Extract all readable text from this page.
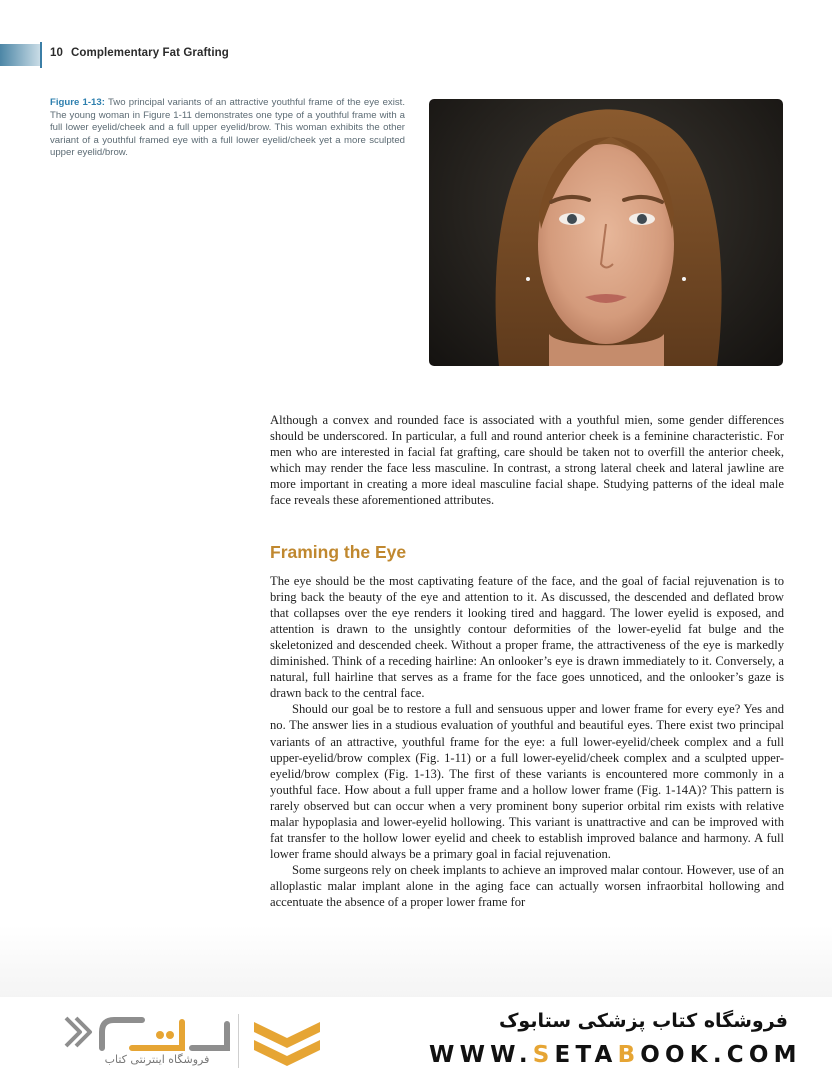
10 Complementary Fat Grafting
Figure 1-13: Two principal variants of an attractive youthful frame of the eye exist. The young woman in Figure 1-11 demonstrates one type of a youthful frame with a full lower eyelid/cheek and a full upper eyelid/brow. This woman exhibits the other variant of a youthful framed eye with a full lower eyelid/cheek yet a more sculpted upper eyelid/brow.

Although a convex and rounded face is associated with a youthful mien, some gender differences should be underscored. In particular, a full and round anterior cheek is a feminine characteristic. For men who are interested in facial fat grafting, care should be taken not to overfill the anterior cheek, which may render the face less masculine. In contrast, a strong lateral cheek and lateral jawline are more important in creating a more ideal masculine facial shape. Studying patterns of the ideal male face reveals these aforementioned attributes.

Framing the Eye

The eye should be the most captivating feature of the face, and the goal of facial rejuvenation is to bring back the beauty of the eye and attention to it. As discussed, the descended and deflated brow that collapses over the eye renders it looking tired and haggard. The lower eyelid is exposed, and attention is drawn to the unsightly contour deformities of the lower-eyelid fat bulge and the skeletonized and descended cheek. Without a proper frame, the attractiveness of the eye is markedly diminished. Think of a receding hairline: An onlooker’s eye is drawn immediately to it. Conversely, a natural, full hairline that serves as a frame for the face goes unnoticed, and the onlooker’s gaze is drawn back to the central face.

Should our goal be to restore a full and sensuous upper and lower frame for every eye? Yes and no. The answer lies in a studious evaluation of youthful and beautiful eyes. There exist two principal variants of an attractive, youthful frame for the eye: a full lower-eyelid/cheek complex and a full upper-eyelid/brow complex (Fig. 1-11) or a full lower-eyelid/cheek complex and a sculpted upper-eyelid/brow complex (Fig. 1-13). The first of these variants is encountered more commonly in a youthful face. How about a full upper frame and a hollow lower frame (Fig. 1-14A)? This pattern is rarely observed but can occur when a very prominent bony superior orbital rim exists with relative malar hypoplasia and lower-eyelid hollowing. This variant is unattractive and can be improved with fat transfer to the hollow lower eyelid and cheek to establish improved balance and harmony. A full lower frame should always be a primary goal in facial rejuvenation.

Some surgeons rely on cheek implants to achieve an improved malar contour. However, use of an alloplastic malar implant alone in the aging face can actually worsen infraorbital hollowing and accentuate the absence of a proper lower frame for

فروشگاه اینترنتی کتاب
فروشگاه کتاب پزشکی ستابوک
WWW.SETABOOK.COM
